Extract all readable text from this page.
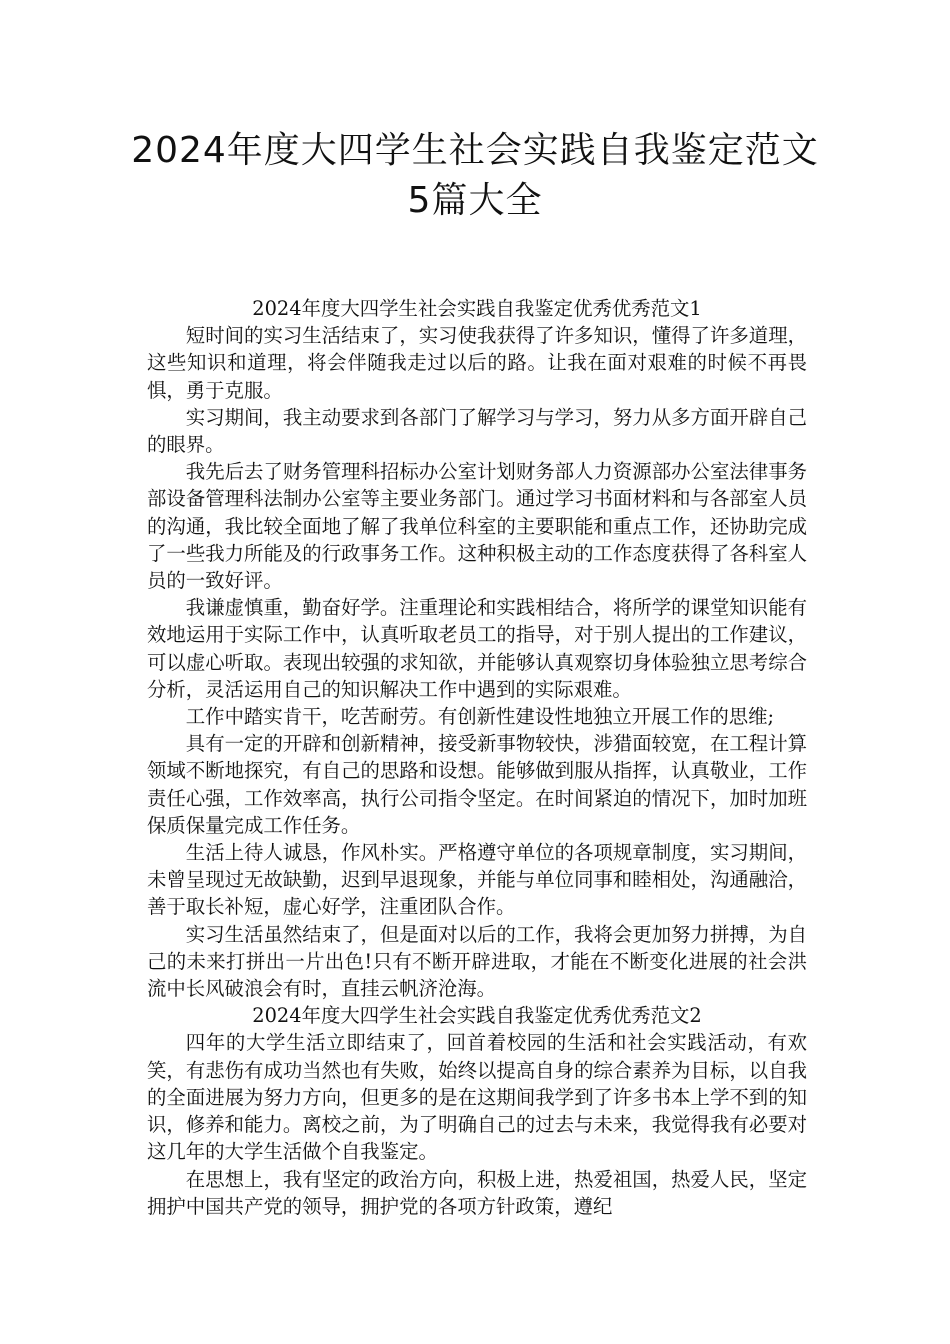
2024年度大四学生社会实践自我鉴定范文5篇大全
2024年度大四学生社会实践自我鉴定优秀优秀范文1

短时间的实习生活结束了，实习使我获得了许多知识，懂得了许多道理，这些知识和道理，将会伴随我走过以后的路。让我在面对艰难的时候不再畏惧，勇于克服。

实习期间，我主动要求到各部门了解学习与学习，努力从多方面开辟自己的眼界。

我先后去了财务管理科招标办公室计划财务部人力资源部办公室法律事务部设备管理科法制办公室等主要业务部门。通过学习书面材料和与各部室人员的沟通，我比较全面地了解了我单位科室的主要职能和重点工作，还协助完成了一些我力所能及的行政事务工作。这种积极主动的工作态度获得了各科室人员的一致好评。

我谦虚慎重，勤奋好学。注重理论和实践相结合，将所学的课堂知识能有效地运用于实际工作中，认真听取老员工的指导，对于别人提出的工作建议，可以虚心听取。表现出较强的求知欲，并能够认真观察切身体验独立思考综合分析，灵活运用自己的知识解决工作中遇到的实际艰难。

工作中踏实肯干，吃苦耐劳。有创新性建设性地独立开展工作的思维;

具有一定的开辟和创新精神，接受新事物较快，涉猎面较宽，在工程计算领域不断地探究，有自己的思路和设想。能够做到服从指挥，认真敬业，工作责任心强，工作效率高，执行公司指令坚定。在时间紧迫的情况下，加时加班保质保量完成工作任务。

生活上待人诚恳，作风朴实。严格遵守单位的各项规章制度，实习期间，未曾呈现过无故缺勤，迟到早退现象，并能与单位同事和睦相处，沟通融洽，善于取长补短，虚心好学，注重团队合作。

实习生活虽然结束了，但是面对以后的工作，我将会更加努力拼搏，为自己的未来打拼出一片出色!只有不断开辟进取，才能在不断变化进展的社会洪流中长风破浪会有时，直挂云帆济沧海。

2024年度大四学生社会实践自我鉴定优秀优秀范文2

四年的大学生活立即结束了，回首着校园的生活和社会实践活动，有欢笑，有悲伤有成功当然也有失败，始终以提高自身的综合素养为目标，以自我的全面进展为努力方向，但更多的是在这期间我学到了许多书本上学不到的知识，修养和能力。离校之前，为了明确自己的过去与未来，我觉得我有必要对这几年的大学生活做个自我鉴定。

在思想上，我有坚定的政治方向，积极上进，热爱祖国，热爱人民，坚定拥护中国共产党的领导，拥护党的各项方针政策，遵纪
